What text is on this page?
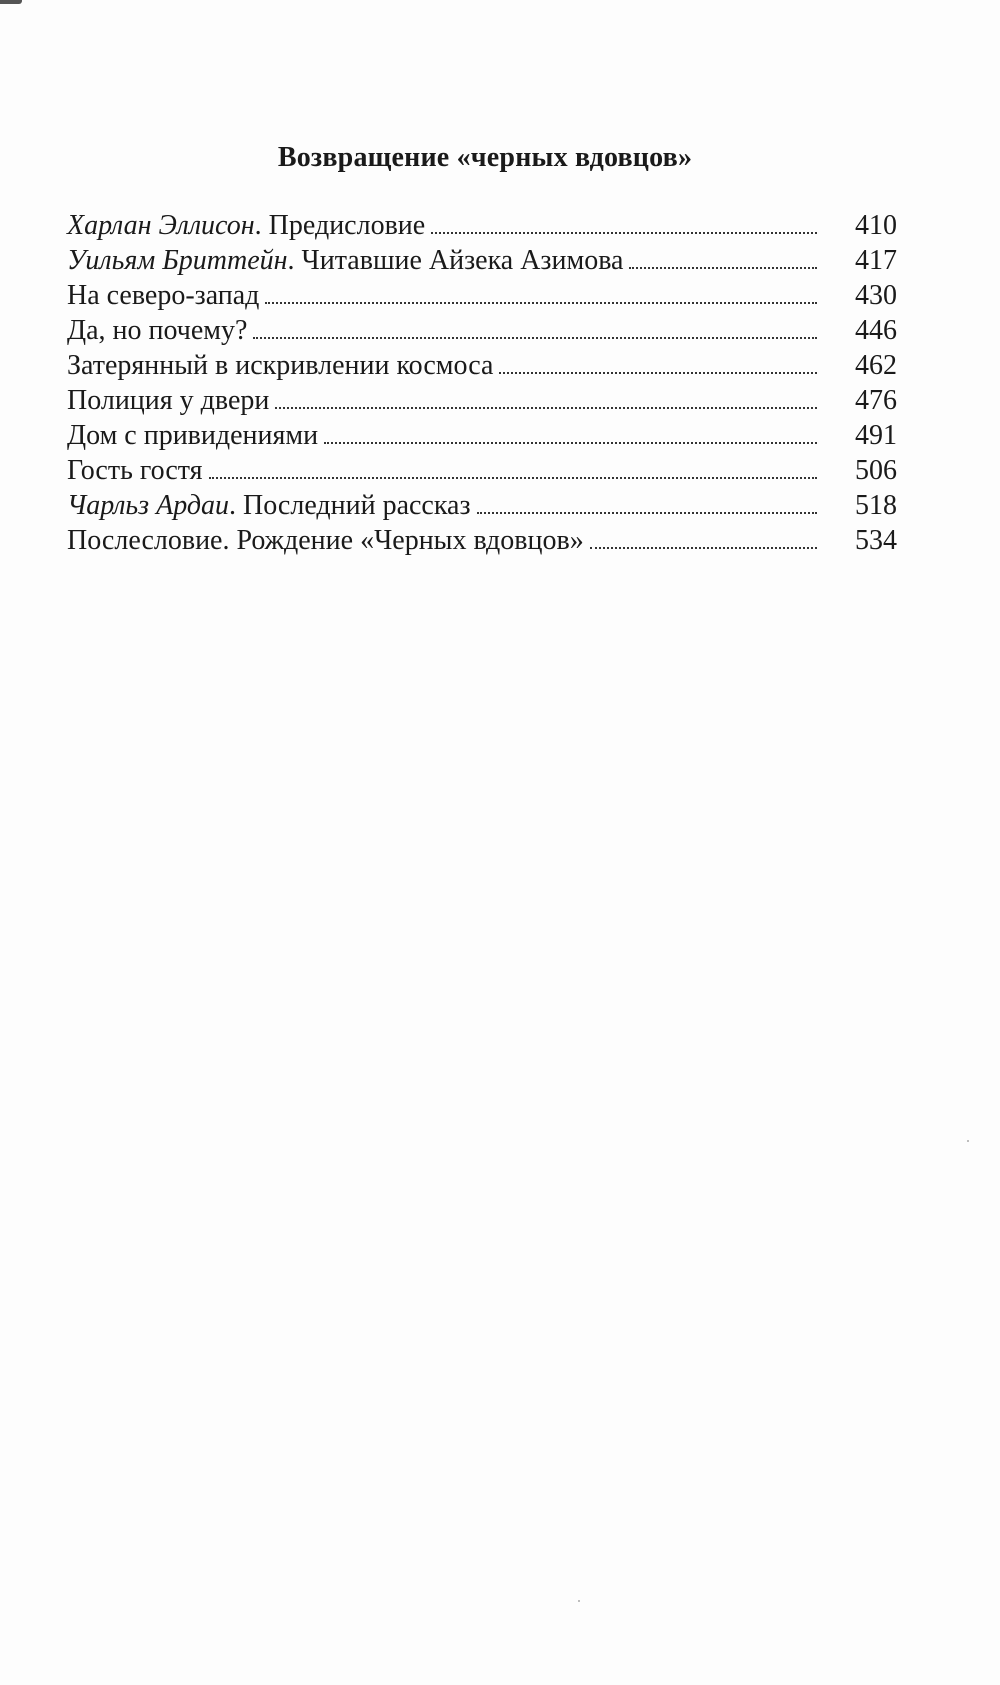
Возвращение «черных вдовцов»
Харлан Эллисон. Предисловие	410
Уильям Бриттейн. Читавшие Айзека Азимова	417
На северо-запад	430
Да, но почему?	446
Затерянный в искривлении космоса	462
Полиция у двери	476
Дом с привидениями	491
Гость гостя	506
Чарльз Ардаи. Последний рассказ	518
Послесловие. Рождение «Черных вдовцов»	534
